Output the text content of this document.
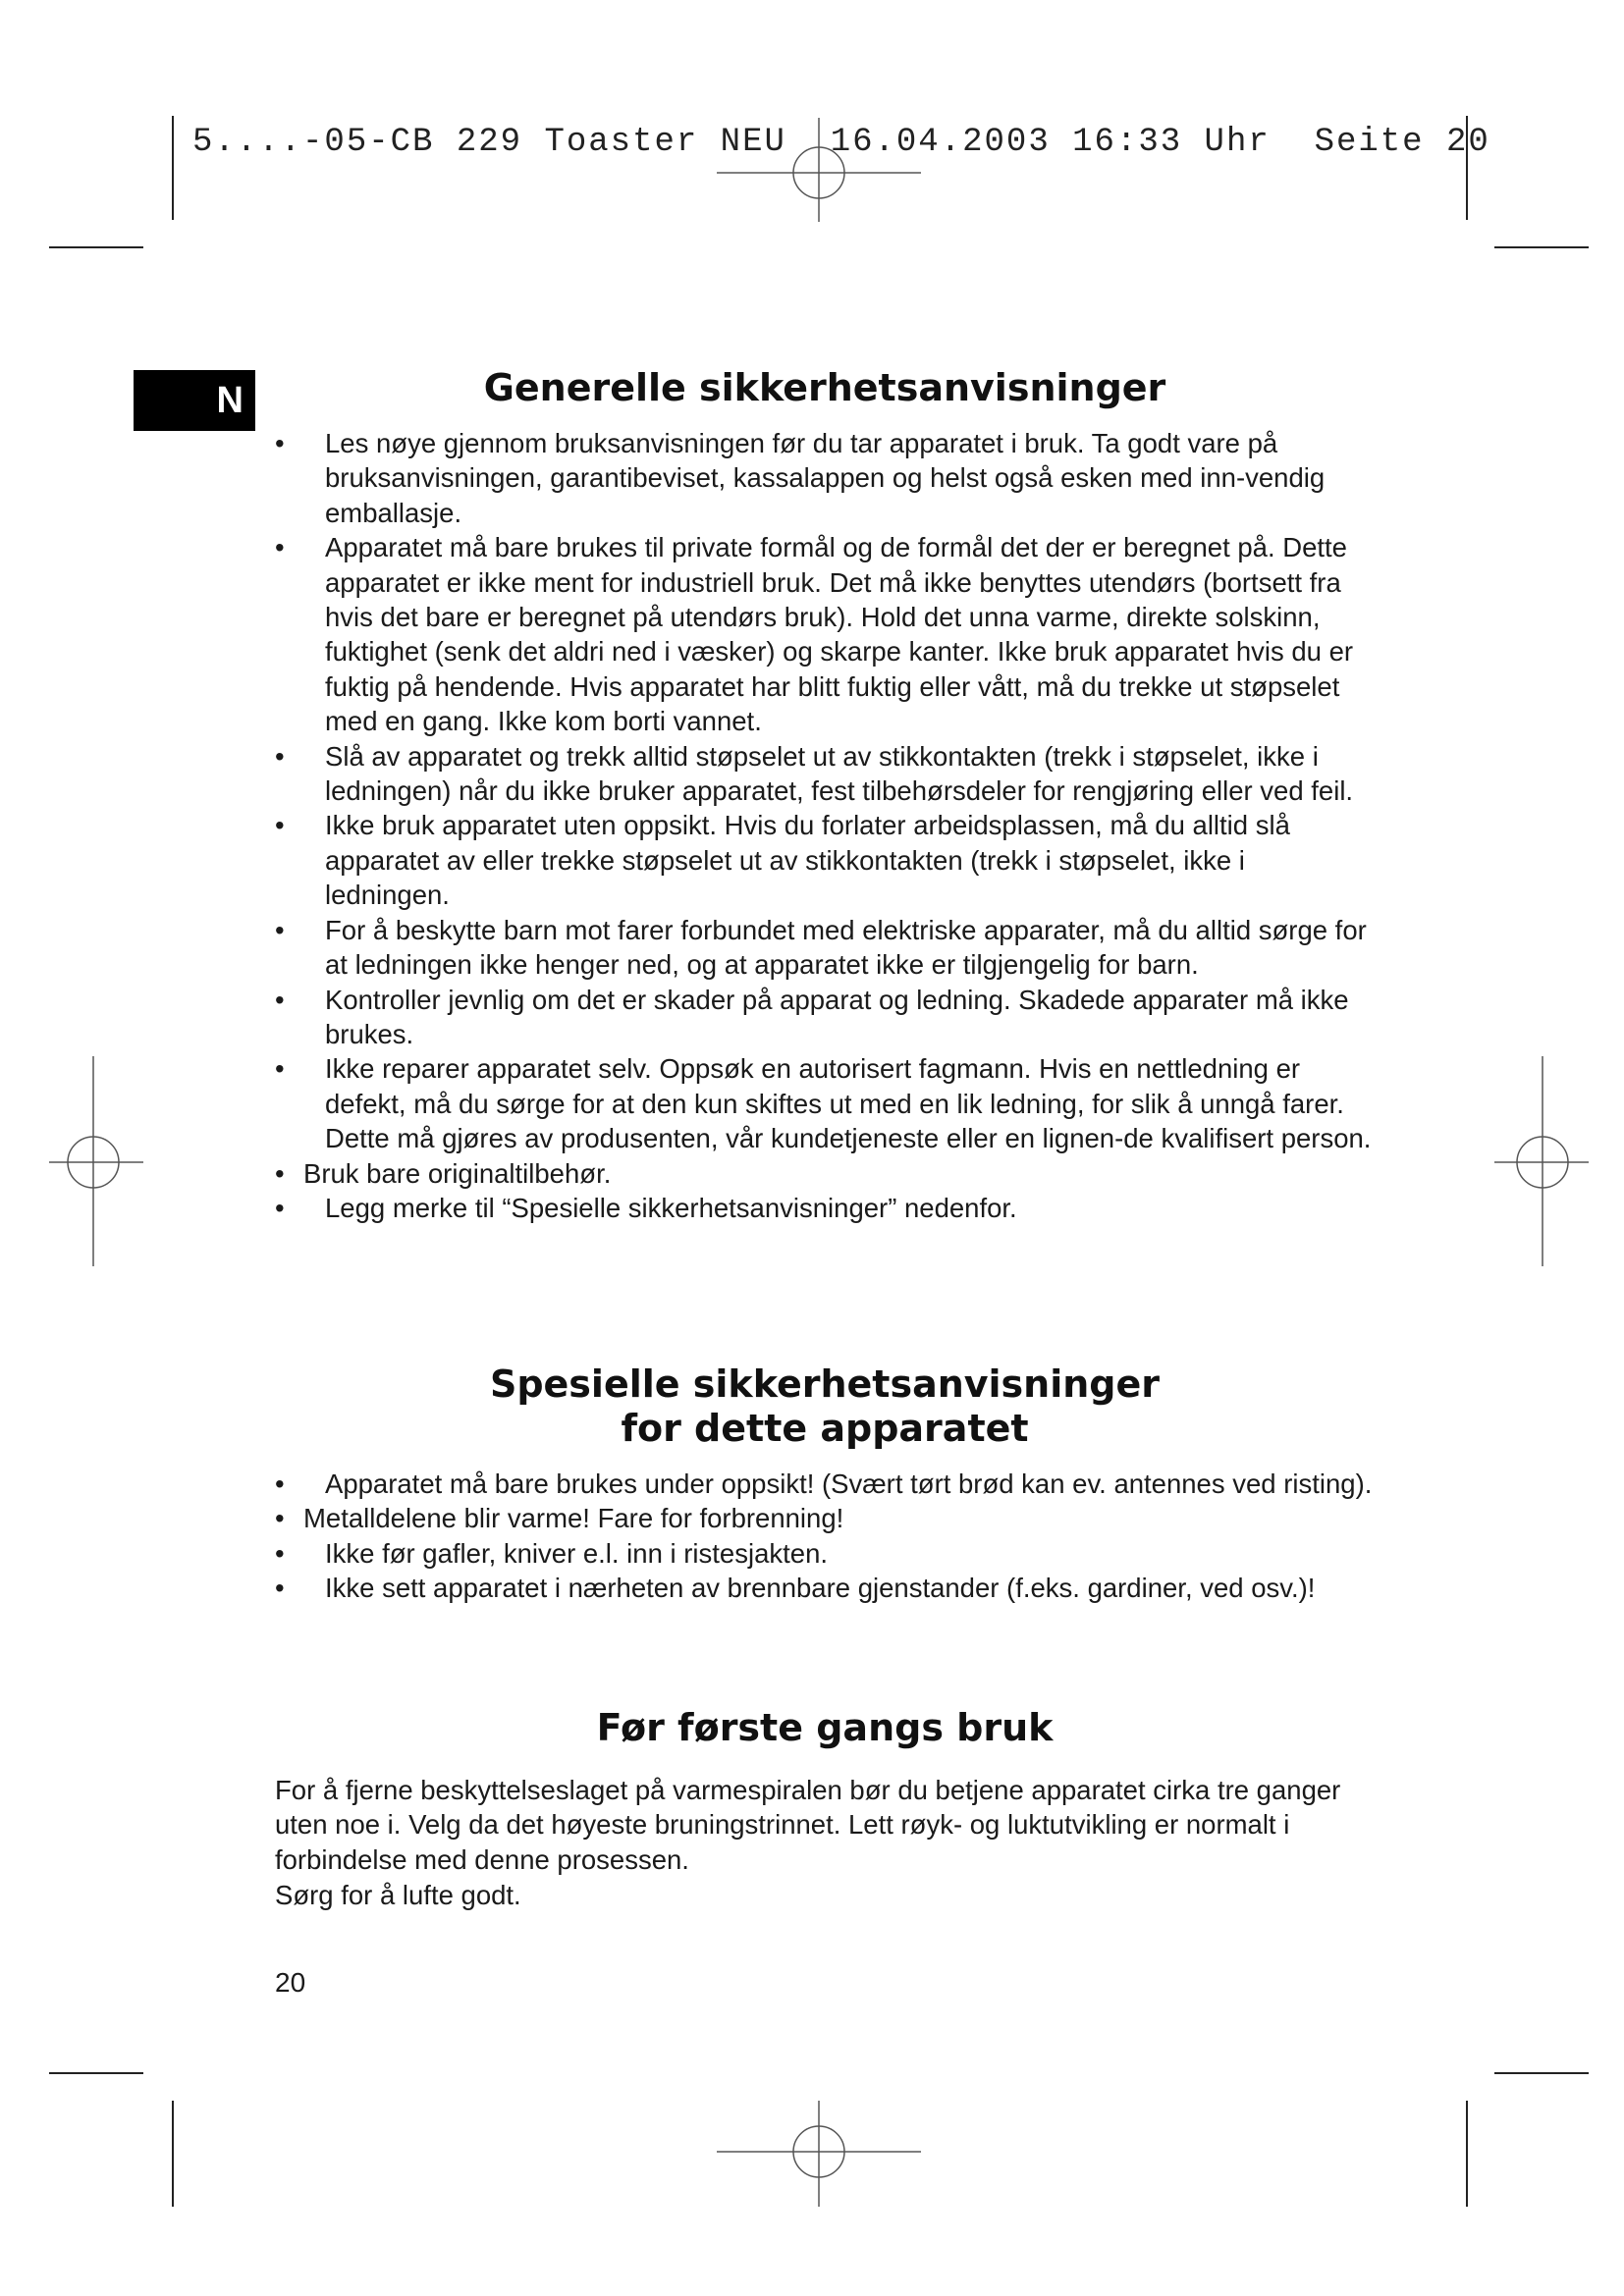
5....-05-CB 229 Toaster NEU  16.04.2003 16:33 Uhr  Seite 20
N	Generelle sikkerhetsanvisninger
•	Les nøye gjennom bruksanvisningen før du tar apparatet i bruk. Ta godt vare på bruksanvisningen, garantibeviset, kassalappen og helst også esken med inn-vendig emballasje.
•	Apparatet må bare brukes til private formål og de formål det der er beregnet på. Dette apparatet er ikke ment for industriell bruk. Det må ikke benyttes utendørs (bortsett fra hvis det bare er beregnet på utendørs bruk). Hold det unna varme, direkte solskinn, fuktighet (senk det aldri ned i væsker) og skarpe kanter. Ikke bruk apparatet hvis du er fuktig på hendende. Hvis apparatet har blitt fuktig eller vått, må du trekke ut støpselet med en gang. Ikke kom borti vannet.
•	Slå av apparatet og trekk alltid støpselet ut av stikkontakten (trekk i støpselet, ikke i ledningen) når du ikke bruker apparatet, fest tilbehørsdeler for rengjøring eller ved feil.
•	Ikke bruk apparatet uten oppsikt. Hvis du forlater arbeidsplassen, må du alltid slå apparatet av eller trekke støpselet ut av stikkontakten (trekk i støpselet, ikke i ledningen.
•	For å beskytte barn mot farer forbundet med elektriske apparater, må du alltid sørge for at ledningen ikke henger ned, og at apparatet ikke er tilgjengelig for barn.
•	Kontroller jevnlig om det er skader på apparat og ledning. Skadede apparater må ikke brukes.
•	Ikke reparer apparatet selv. Oppsøk en autorisert fagmann. Hvis en nettledning er defekt, må du sørge for at den kun skiftes ut med en lik ledning, for slik å unngå farer. Dette må gjøres av produsenten, vår kundetjeneste eller en lignen-de kvalifisert person.
• Bruk bare originaltilbehør.
•	Legg merke til “Spesielle sikkerhetsanvisninger” nedenfor.
Spesielle sikkerhetsanvisninger
for dette apparatet
•	Apparatet må bare brukes under oppsikt! (Svært tørt brød kan ev. antennes ved risting).
• Metalldelene blir varme! Fare for forbrenning!
•	Ikke før gafler, kniver e.l. inn i ristesjakten.
•	Ikke sett apparatet i nærheten av brennbare gjenstander (f.eks. gardiner, ved osv.)!
Før første gangs bruk

For å fjerne beskyttelseslaget på varmespiralen bør du betjene apparatet cirka tre ganger uten noe i. Velg da det høyeste bruningstrinnet. Lett røyk- og luktutvikling er normalt i forbindelse med denne prosessen.

Sørg for å lufte godt.

20
